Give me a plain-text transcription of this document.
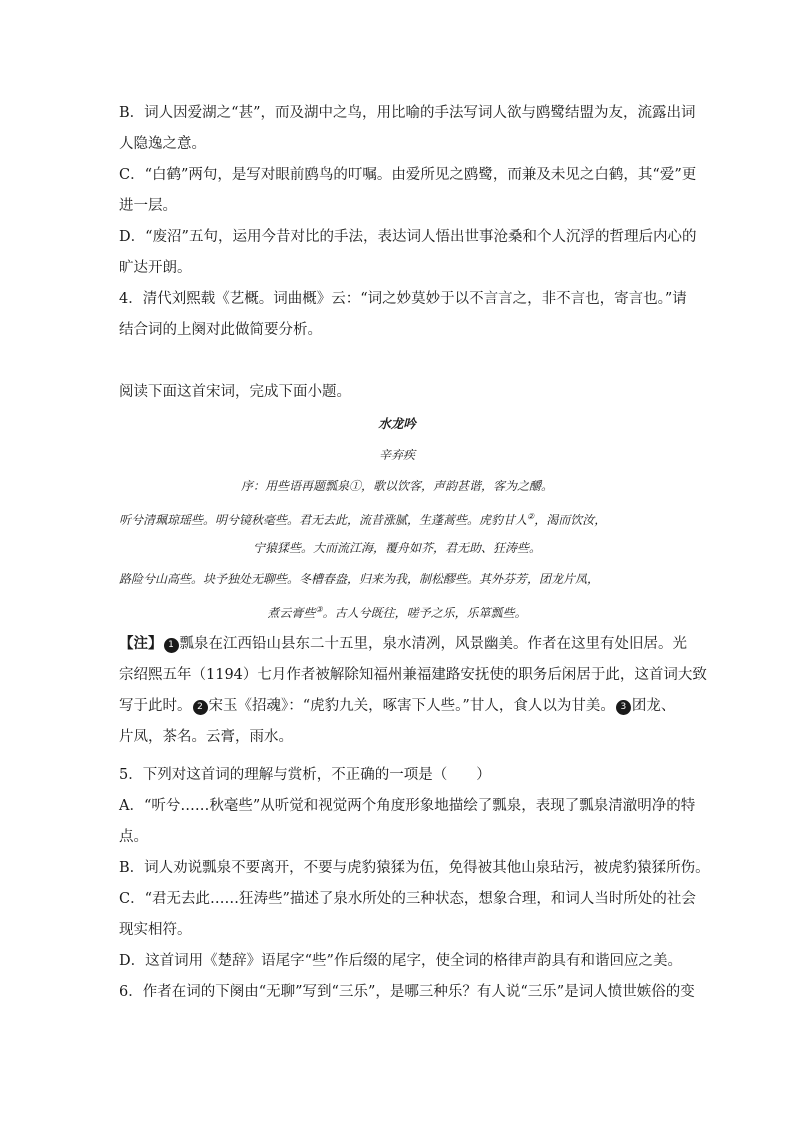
B．词人因爱湖之“甚”，而及湖中之鸟，用比喻的手法写词人欲与鸥鹭结盟为友，流露出词
人隐逸之意。
C．“白鹤”两句，是写对眼前鸥鸟的叮嘱。由爱所见之鸥鹭，而兼及未见之白鹤，其“爱”更
进一层。
D．“废沼”五句，运用今昔对比的手法，表达词人悟出世事沧桑和个人沉浮的哲理后内心的
旷达开朗。
4．清代刘熙载《艺概。词曲概》云：“词之妙莫妙于以不言言之，非不言也，寄言也。”请
结合词的上阕对此做简要分析。
阅读下面这首宋词，完成下面小题。
水龙吟
辛弃疾
序：用些语再题瓢泉①，歌以饮客，声韵甚谐，客为之釂。
听兮清珮琼瑶些。明兮镜秋毫些。君无去此，流昔涨腻，生蓬蒿些。虎豹甘人②，渴而饮汝，
宁猿猱些。大而流江海，覆舟如芥，君无助、狂涛些。
路险兮山高些。块予独处无聊些。冬槽春盎，归来为我，制松醪些。其外芬芳，团龙片凤，
煮云膏些③。古人兮既往，嗟予之乐，乐箪瓢些。
【注】 1 瓢泉在江西铅山县东二十五里，泉水清冽，风景幽美。作者在这里有处旧居。光
宗绍熙五年（1194）七月作者被解除知福州兼福建路安抚使的职务后闲居于此，这首词大致
写于此时。 2 宋玉《招魂》：“虎豹九关，啄害下人些。”甘人，食人以为甘美。 3 团龙、
片凤，茶名。云膏，雨水。
5．下列对这首词的理解与赏析，不正确的一项是（　　）
A．“听兮……秋毫些”从听觉和视觉两个角度形象地描绘了瓢泉，表现了瓢泉清澈明净的特
点。
B．词人劝说瓢泉不要离开，不要与虎豹猿猱为伍，免得被其他山泉玷污，被虎豹猿猱所伤。
C．“君无去此……狂涛些”描述了泉水所处的三种状态，想象合理，和词人当时所处的社会
现实相符。
D．这首词用《楚辞》语尾字“些”作后缀的尾字，使全词的格律声韵具有和谐回应之美。
6．作者在词的下阕由“无聊”写到“三乐”，是哪三种乐？有人说“三乐”是词人愤世嫉俗的变
